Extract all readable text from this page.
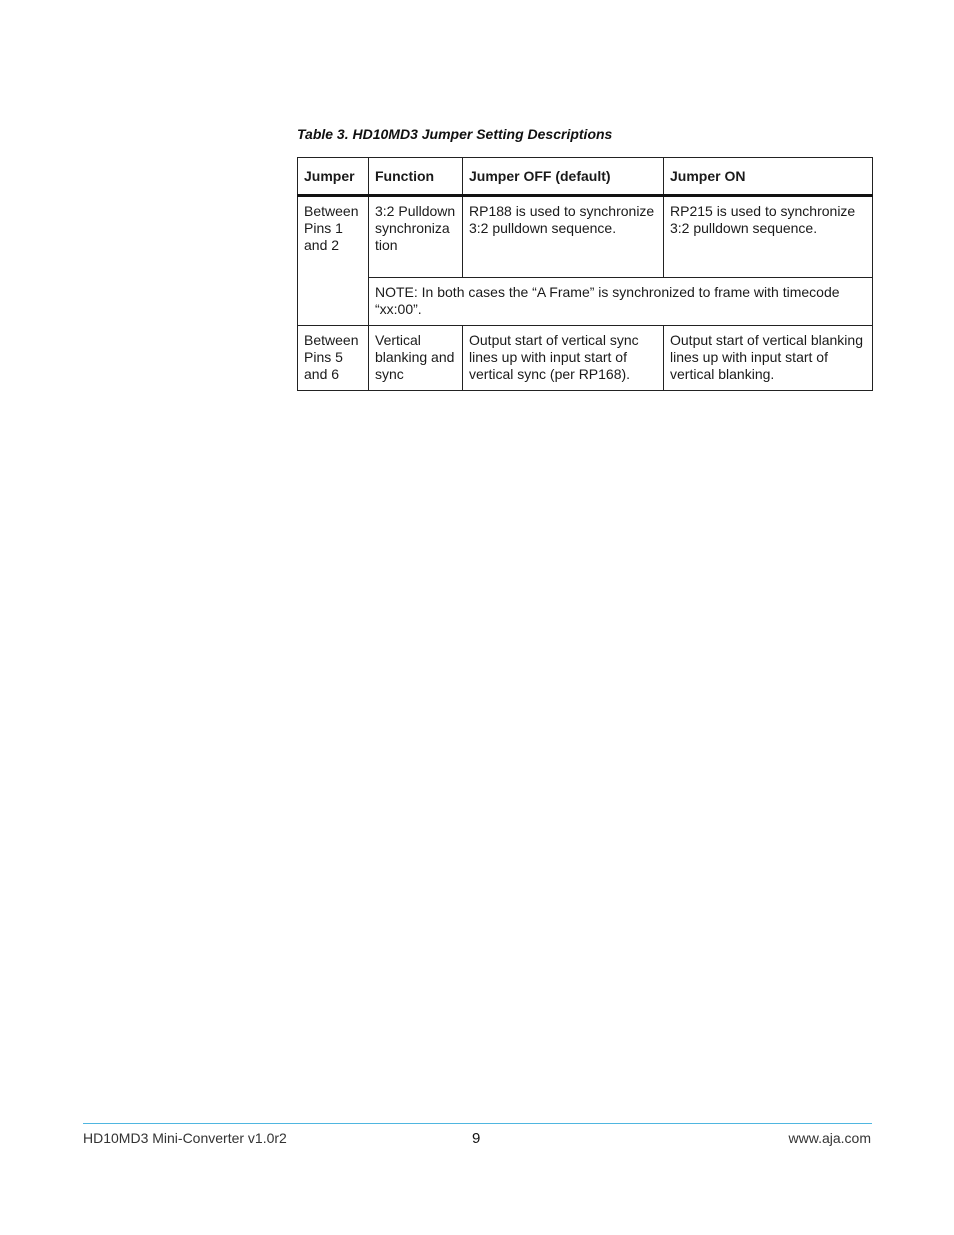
Table 3. HD10MD3 Jumper Setting Descriptions
Jumper	Function	Jumper OFF (default)	Jumper ON
Between Pins 1 and 2	3:2 Pulldown synchroniza tion	RP188 is used to synchronize 3:2 pulldown sequence.	RP215 is used to synchronize 3:2 pulldown sequence.
	NOTE: In both cases the “A Frame” is synchronized to frame with timecode “xx:00”.		
Between Pins 5 and 6	Vertical blanking and sync	Output start of vertical sync lines up with input start of vertical sync (per RP168).	Output start of vertical blanking lines up with input start of vertical blanking.
HD10MD3 Mini-Converter v1.0r2	9	www.aja.com
